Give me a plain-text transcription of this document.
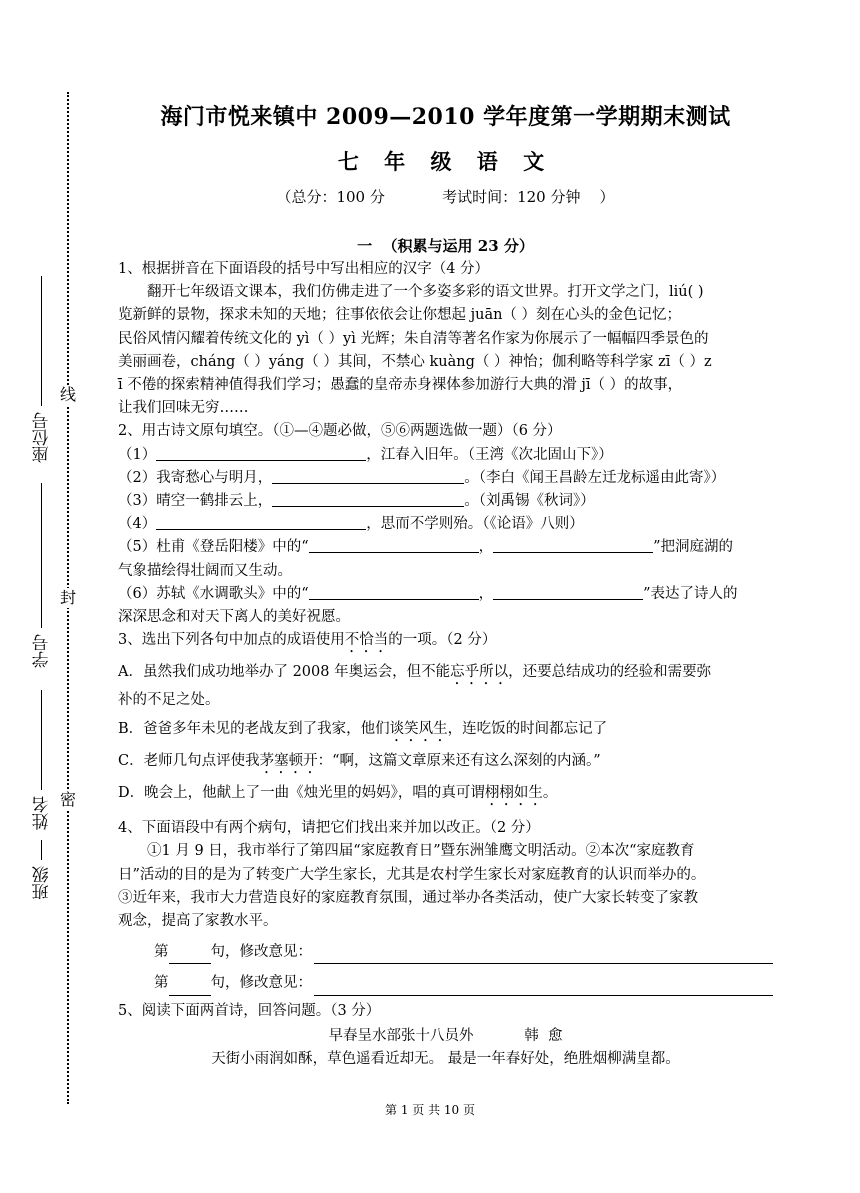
线
封
密
座位号
学号
姓名
班级
海门市悦来镇中 2009—2010 学年度第一学期期末测试
七 年 级 语 文
（总分：100 分            考试时间：120 分钟    ）
一  （积累与运用 23 分）

1、根据拼音在下面语段的括号中写出相应的汉字（4 分）

翻开七年级语文课本，我们仿佛走进了一个多姿多彩的语文世界。打开文学之门，liú( )

览新鲜的景物，探求未知的天地；往事依依会让你想起 juān（ ）刻在心头的金色记忆；

民俗风情闪耀着传统文化的 yì（ ）yì 光辉；朱自清等著名作家为你展示了一幅幅四季景色的

美丽画卷，cháng（ ）yáng（ ）其间，不禁心 kuàng（ ）神怡；伽利略等科学家 zī（ ）z

ī 不倦的探索精神值得我们学习；愚蠢的皇帝赤身裸体参加游行大典的滑 jī（ ）的故事，

让我们回味无穷……

2、用古诗文原句填空。（①—④题必做，⑤⑥两题选做一题）（6 分）

（1）	，江春入旧年。（王湾《次北固山下》）

（2）我寄愁心与明月，	。（李白《闻王昌龄左迁龙标遥由此寄》）

（3）晴空一鹤排云上，	。（刘禹锡《秋词》）

（4）	，思而不学则殆。（《论语》八则）

（5）杜甫《登岳阳楼》中的“	，	”把洞庭湖的

气象描绘得壮阔而又生动。

（6）苏轼《水调歌头》中的“	，	”表达了诗人的

深深思念和对天下离人的美好祝愿。

3、选出下列各句中加点的成语使用不恰当的一项。（2 分）

A．虽然我们成功地举办了 2008 年奥运会，但不能忘乎所以，还要总结成功的经验和需要弥
补的不足之处。

B．爸爸多年未见的老战友到了我家，他们谈笑风生，连吃饭的时间都忘记了

C．老师几句点评使我茅塞顿开：“啊，这篇文章原来还有这么深刻的内涵。”

D．晚会上，他献上了一曲《烛光里的妈妈》，唱的真可谓栩栩如生。

4、下面语段中有两个病句，请把它们找出来并加以改正。（2 分）

①1 月 9 日，我市举行了第四届“家庭教育日”暨东洲雏鹰文明活动。②本次“家庭教育

日”活动的目的是为了转变广大学生家长，尤其是农村学生家长对家庭教育的认识而举办的。

③近年来，我市大力营造良好的家庭教育氛围，通过举办各类活动，使广大家长转变了家教

观念，提高了家教水平。

第	句，修改意见：

第	句，修改意见：

5、阅读下面两首诗，回答问题。（3 分）

早春呈水部张十八员外           韩  愈

天街小雨润如酥，草色遥看近却无。 最是一年春好处，绝胜烟柳满皇都。

第 1 页 共 10 页
